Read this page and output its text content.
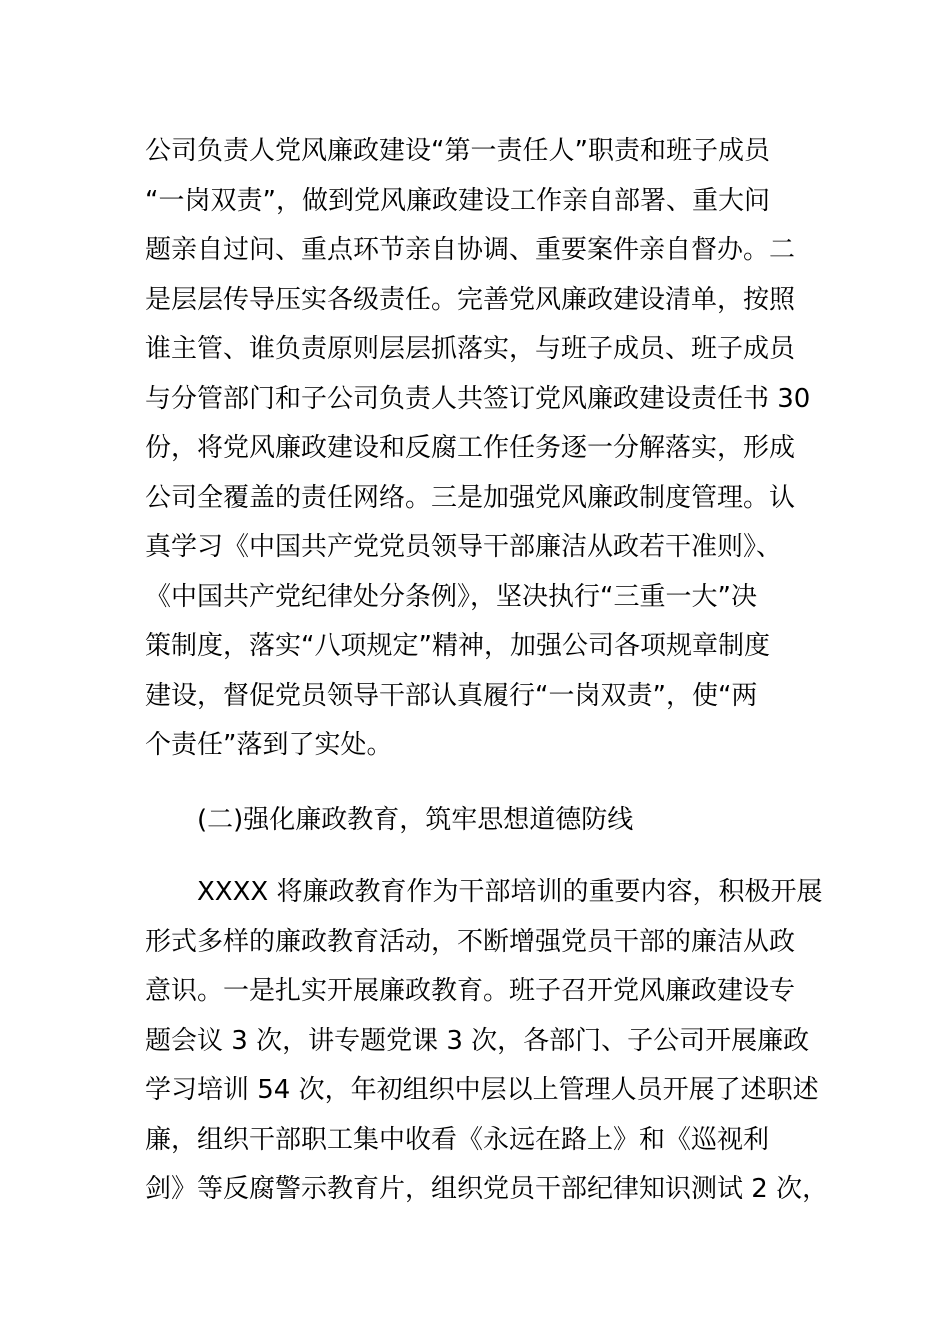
公司负责人党风廉政建设“第一责任人”职责和班子成员
“一岗双责”，做到党风廉政建设工作亲自部署、重大问
题亲自过问、重点环节亲自协调、重要案件亲自督办。二
是层层传导压实各级责任。完善党风廉政建设清单，按照
谁主管、谁负责原则层层抓落实，与班子成员、班子成员
与分管部门和子公司负责人共签订党风廉政建设责任书 30
份，将党风廉政建设和反腐工作任务逐一分解落实，形成
公司全覆盖的责任网络。三是加强党风廉政制度管理。认
真学习《中国共产党党员领导干部廉洁从政若干准则》、
《中国共产党纪律处分条例》，坚决执行“三重一大”决
策制度，落实“八项规定”精神，加强公司各项规章制度
建设，督促党员领导干部认真履行“一岗双责”，使“两
个责任”落到了实处。
(二)强化廉政教育，筑牢思想道德防线
XXXX 将廉政教育作为干部培训的重要内容，积极开展
形式多样的廉政教育活动，不断增强党员干部的廉洁从政
意识。一是扎实开展廉政教育。班子召开党风廉政建设专
题会议 3 次，讲专题党课 3 次，各部门、子公司开展廉政
学习培训 54 次，年初组织中层以上管理人员开展了述职述
廉，组织干部职工集中收看《永远在路上》和《巡视利
剑》等反腐警示教育片，组织党员干部纪律知识测试 2 次，
